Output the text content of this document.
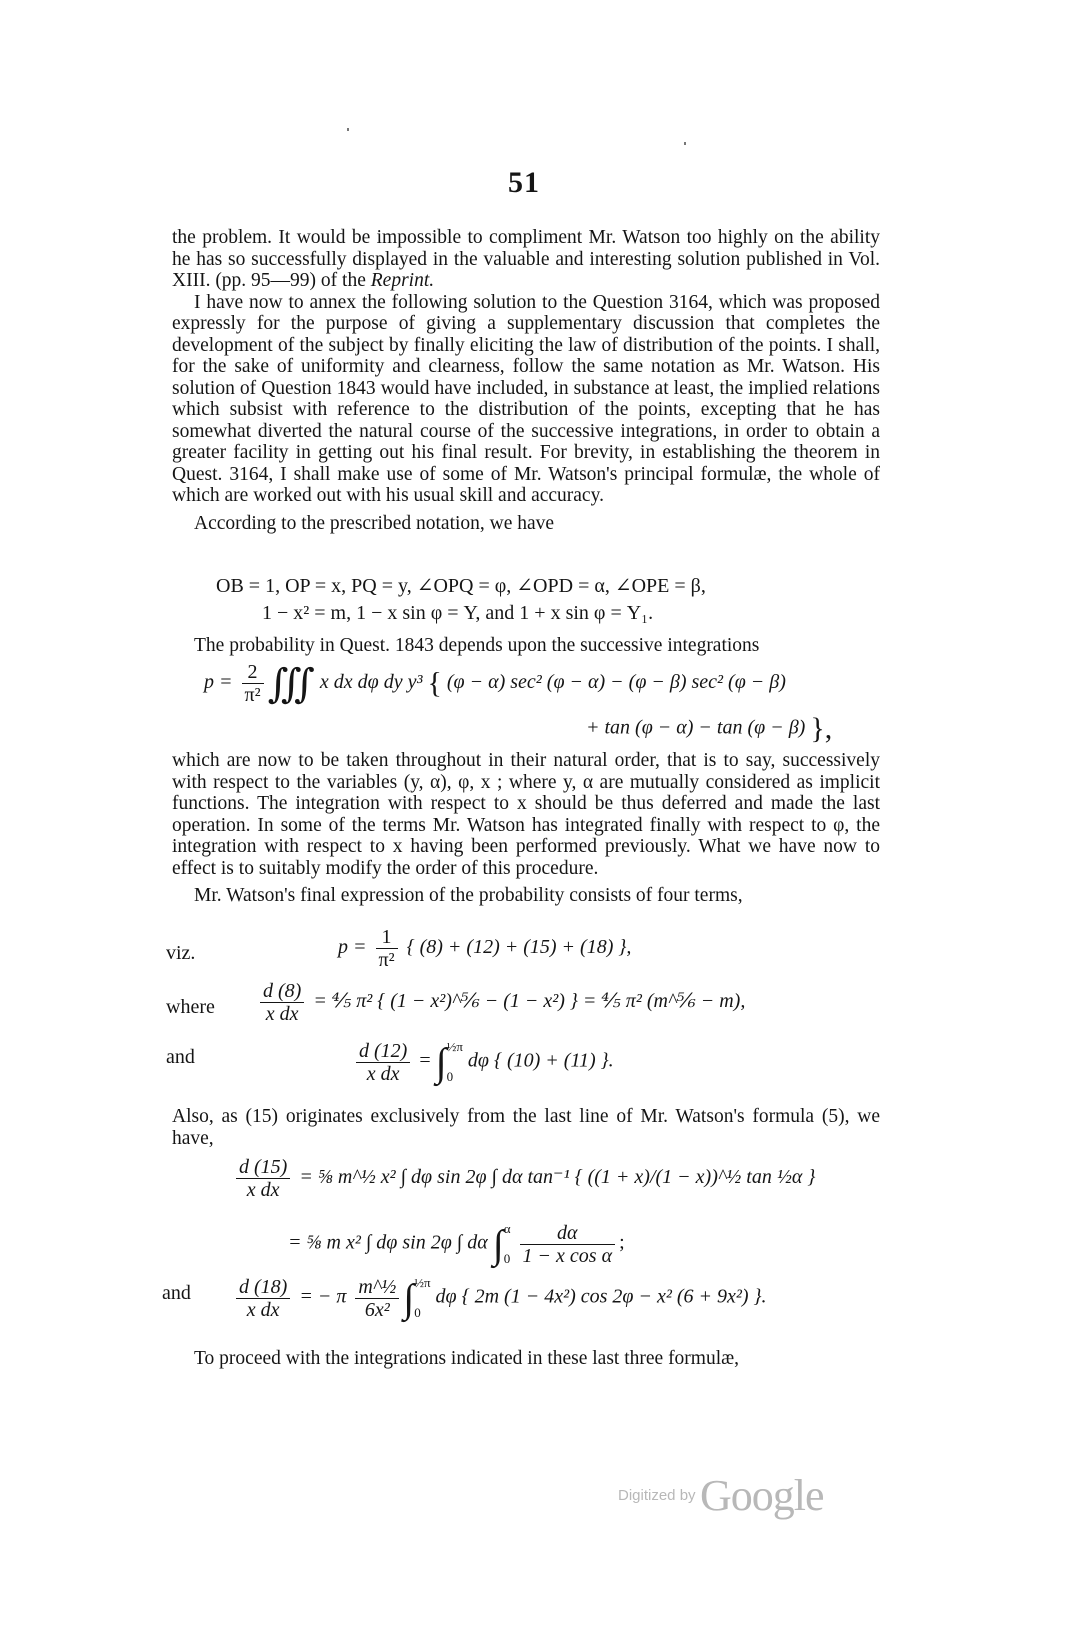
51

the problem. It would be impossible to compliment Mr. Watson too highly on the ability he has so successfully displayed in the valuable and interesting solution published in Vol. XIII. (pp. 95—99) of the Reprint.

I have now to annex the following solution to the Question 3164, which was proposed expressly for the purpose of giving a supplementary discussion that completes the development of the subject by finally eliciting the law of distribution of the points. I shall, for the sake of uniformity and clearness, follow the same notation as Mr. Watson. His solution of Question 1843 would have included, in substance at least, the implied relations which subsist with reference to the distribution of the points, excepting that he has somewhat diverted the natural course of the successive integrations, in order to obtain a greater facility in getting out his final result. For brevity, in establishing the theorem in Quest. 3164, I shall make use of some of Mr. Watson's principal formulæ, the whole of which are worked out with his usual skill and accuracy.

According to the prescribed notation, we have

OB = 1, OP = x, PQ = y, ∠OPQ = φ, ∠OPD = α, ∠OPE = β,
1 − x² = m, 1 − x sin φ = Y, and 1 + x sin φ = Y₁.

The probability in Quest. 1843 depends upon the successive integrations

$p = \frac{2}{\text{π²}}$ ∭ x dx dφ dy y³ { (φ − α) sec² (φ − α) − (φ − β) sec² (φ − β)
+ tan (φ − α) − tan (φ − β) },

which are now to be taken throughout in their natural order, that is to say, successively with respect to the variables (y, α), φ, x ; where y, α are mutually considered as implicit functions. The integration with respect to x should be thus deferred and made the last operation. In some of the terms Mr. Watson has integrated finally with respect to φ, the integration with respect to x having been performed previously. What we have now to effect is to suitably modify the order of this procedure.

Mr. Watson's final expression of the probability consists of four terms,

viz.	$p = \frac{1}{\text{π²}}$ { (8) + (12) + (15) + (18) },
where $\frac{d (8)}{\text{x dx}}$ = ⅘ π² { (1 − x²)^⅚ − (1 − x²) } = ⅘ π² (m^⅚ − m),
and	$\frac{d (12)}{\text{x dx}}$ = ∫½π
0 dφ { (10) + (11) }.

Also, as (15) originates exclusively from the last line of Mr. Watson's formula (5), we have,

$\frac{d (15)}{\text{x dx}}$ = ⅝ m^½ x² ∫ dφ sin 2φ ∫ dα tan⁻¹ { ((1 + x)/(1 − x))^½ tan ½α }
= ⅝ m x² ∫ dφ sin 2φ ∫ dα ∫α
$0 \frac{d\alpha}{\text{1 − x cos α}}$ ;
and $\frac{d (18)}{\text{x dx}}$ = − π $\frac{\text{m\textasciicircum{}½}}{\text{6x²}}$ ∫½π
0 dφ { 2m (1 − 4x²) cos 2φ − x² (6 + 9x²) }.

To proceed with the integrations indicated in these last three formulæ,

Digitized by Google
